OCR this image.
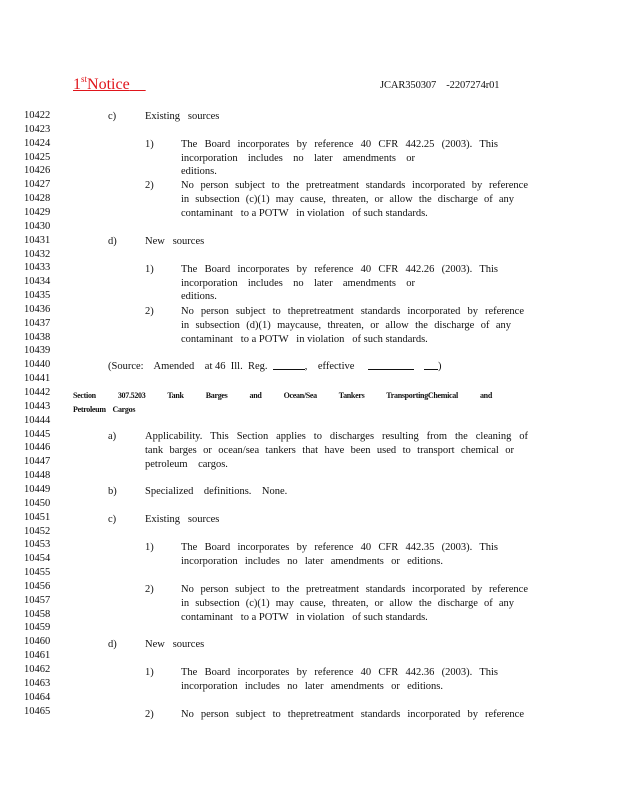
1stNotice	JCAR350307    -2207274r01
10422
10423
10424
10425
10426
10427
10428
10429
10430
10431
10432
10433
10434
10435
10436
10437
10438
10439
10440
10441
10442
10443
10444
10445
10446
10447
10448
10449
10450
10451
10452
10453
10454
10455
10456
10457
10458
10459
10460
10461
10462
10463
10464
10465
c)	Existing   sources
1)	The Board incorporates by reference 40 CFR 442.25 (2003). This
incorporation includes no later amendments or editions.
2)	No person subject to the pretreatment standards incorporated by reference
in subsection (c)(1) may cause, threaten, or allow the discharge of any
contaminant   to a POTW   in violation   of such standards.
d)	New   sources
1)	The Board incorporates by reference 40 CFR 442.26 (2003). This
incorporation includes no later amendments or editions.
2)	No person subject to thepretreatment standards incorporated by reference
in subsection (d)(1) maycause, threaten, or allow the discharge of any
contaminant   to a POTW   in violation   of such standards.
(Source:    Amended    at 46  Ill.  Reg.	,    effective	)
Section 307.5203 Tank Barges and Ocean/Sea Tankers TransportingChemical and
Petroleum    Cargos
a)	Applicability. This Section applies to discharges resulting from the cleaning of
tank barges or ocean/sea tankers that have been used to transport chemical or
petroleum    cargos.
b)	Specialized    definitions.    None.
c)	Existing   sources
1)	The Board incorporates by reference 40 CFR 442.35 (2003). This
incorporation includes no later amendments or editions.
2)	No person subject to the pretreatment standards incorporated by reference
in subsection (c)(1) may cause, threaten, or allow the discharge of any
contaminant   to a POTW   in violation   of such standards.
d)	New   sources
1)	The Board incorporates by reference 40 CFR 442.36 (2003). This
incorporation includes no later amendments or editions.
2)	No person subject to thepretreatment standards incorporated by reference
